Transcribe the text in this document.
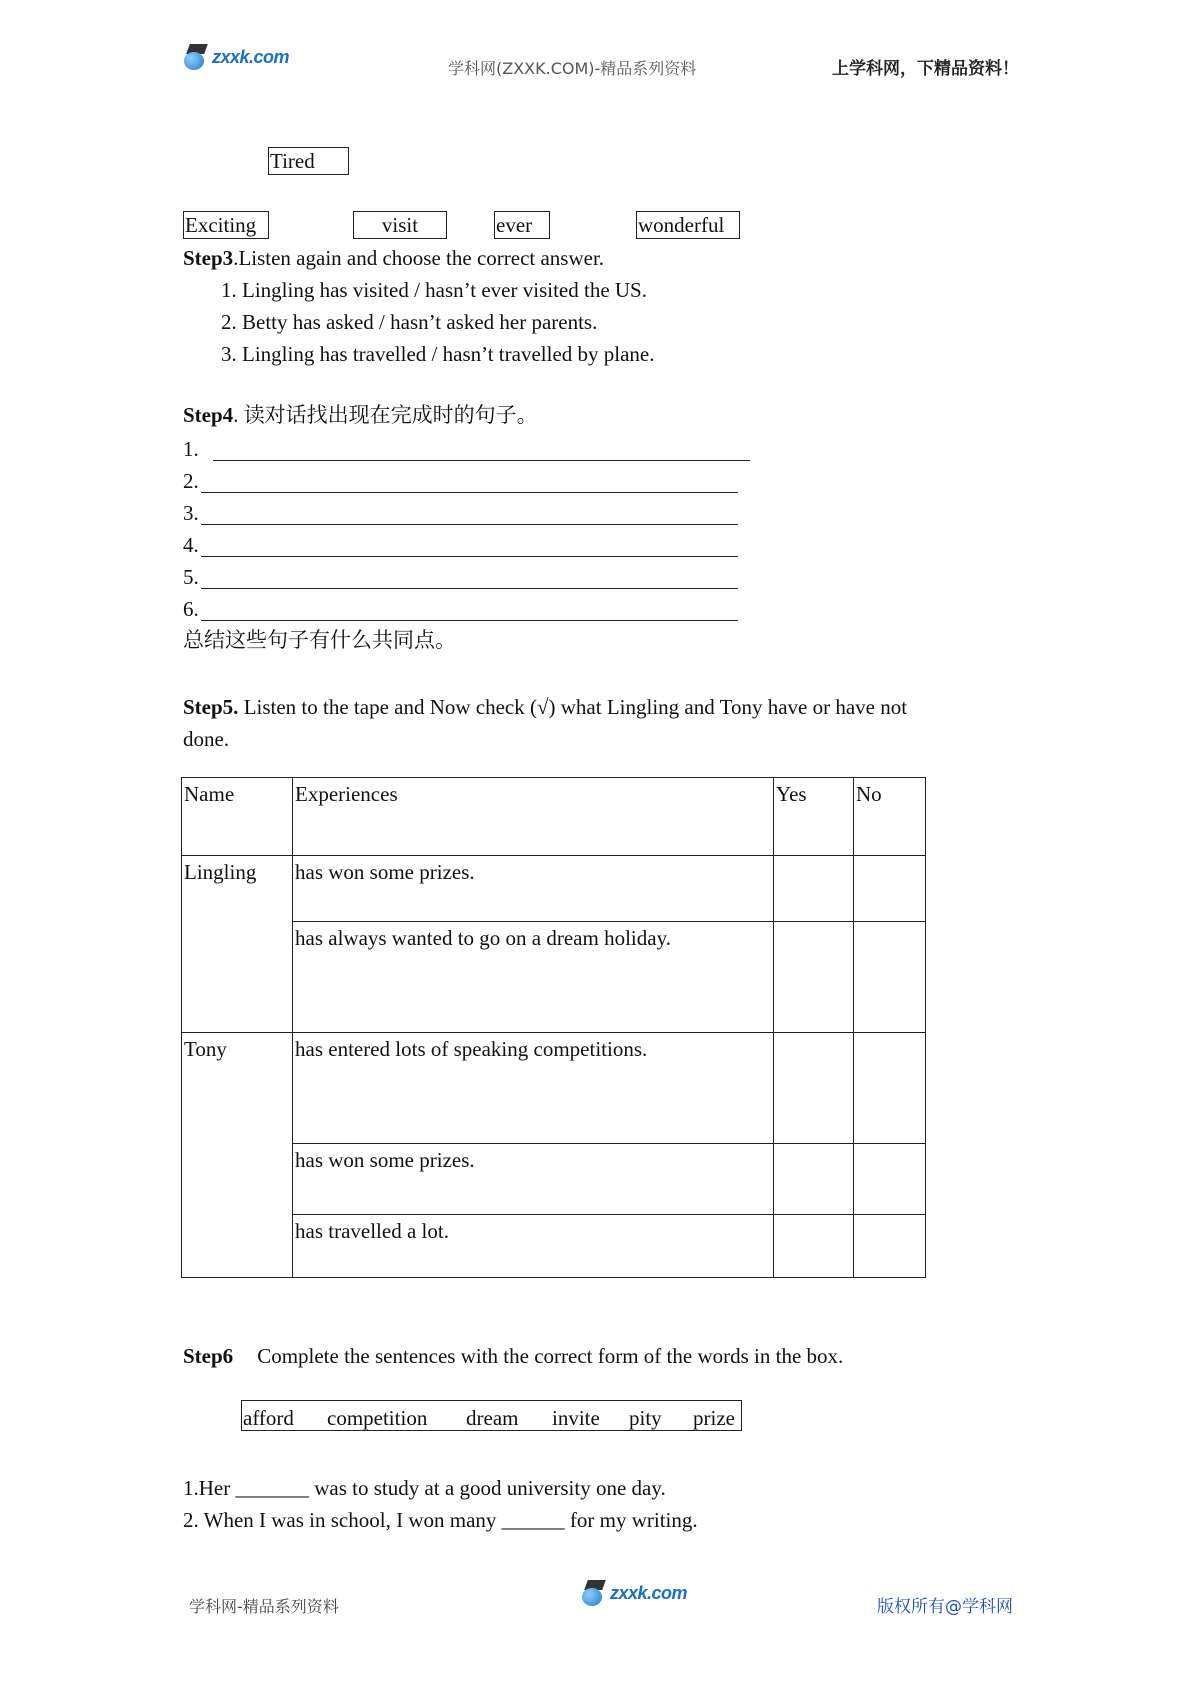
zxxk.com
学科网(ZXXK.COM)-精品系列资料	上学科网，下精品资料！
Tired
Exciting	visit	ever	wonderful
Step3.Listen again and choose the correct answer.
1. Lingling has visited / hasn’t ever visited the US.
2. Betty has asked / hasn’t asked her parents.
3. Lingling has travelled / hasn’t travelled by plane.
Step4. 读对话找出现在完成时的句子。
1.
2.
3.
4.
5.
6.
总结这些句子有什么共同点。
Step5. Listen to the tape and Now check (√) what Lingling and Tony have or have not
done.
Name	Experiences	Yes	No
Lingling	has won some prizes.		
	has always wanted to go on a dream holiday.		
Tony	has entered lots of speaking competitions.		
	has won some prizes.		
	has travelled a lot.		
Step6 Complete the sentences with the correct form of the words in the box.
afford competition dream invite pity prize
1.Her _______ was to study at a good university one day.
2. When I was in school, I won many ______ for my writing.
学科网-精品系列资料
zxxk.com
版权所有@学科网
